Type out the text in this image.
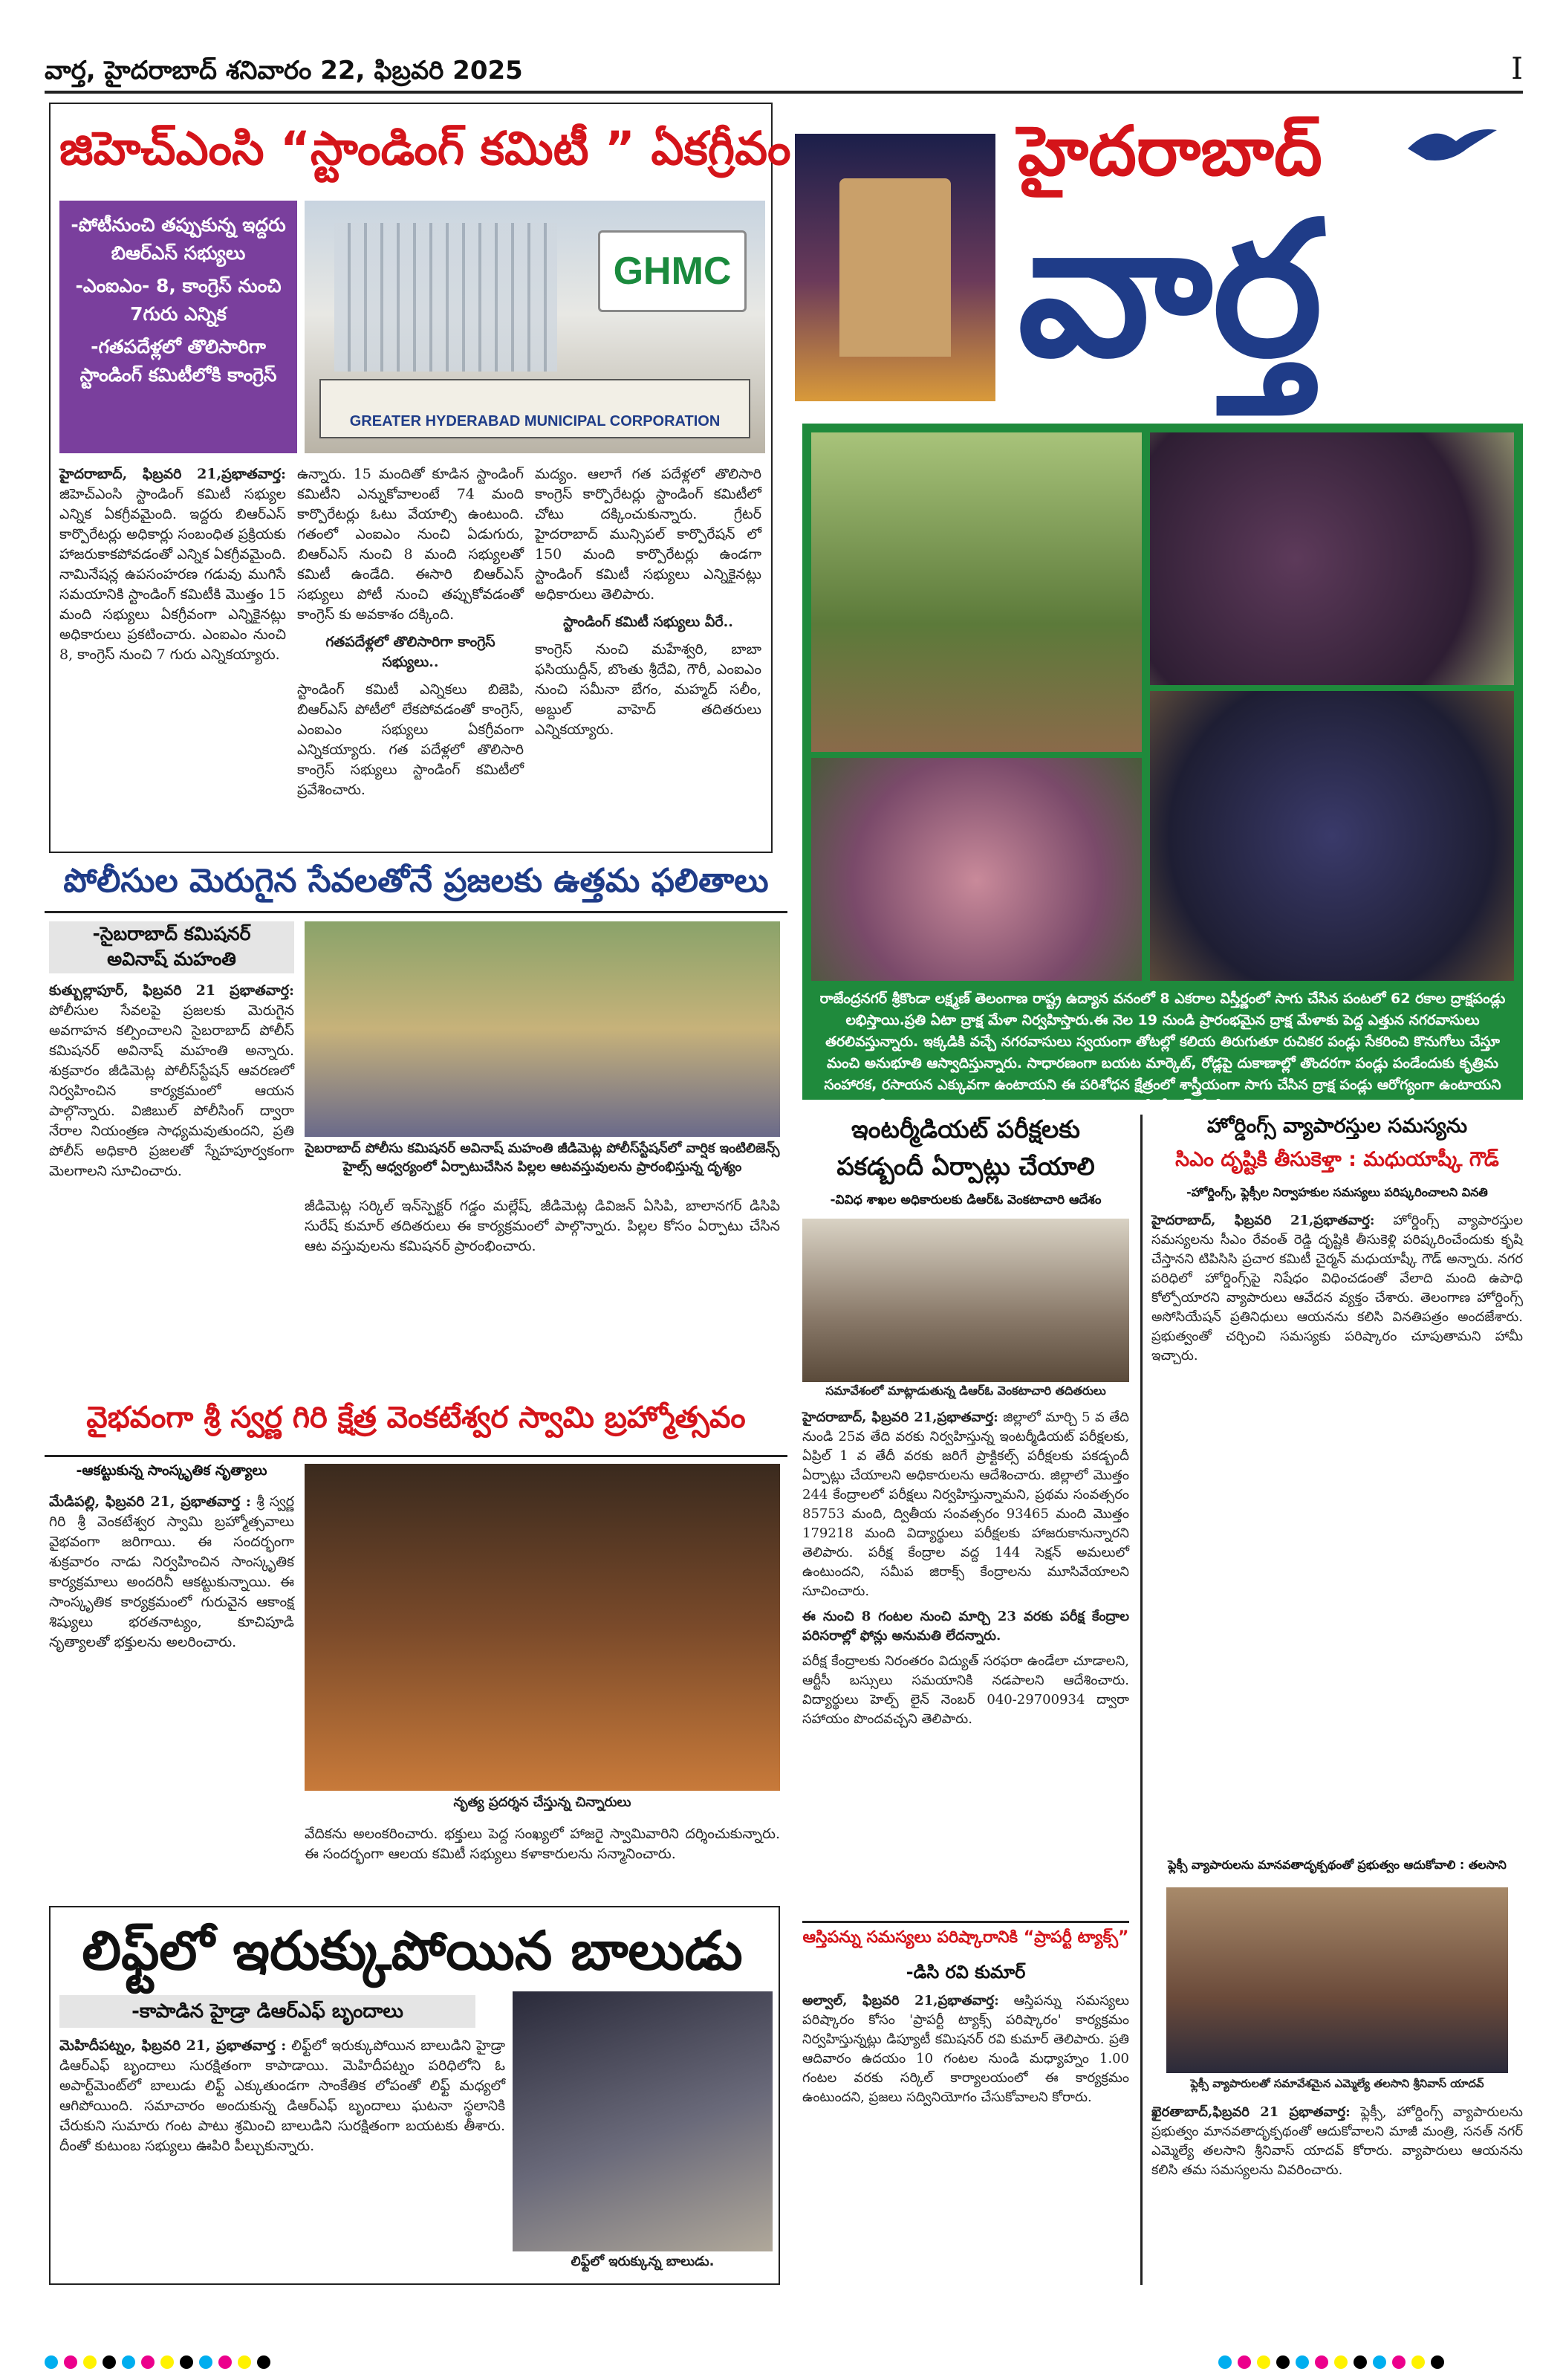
వార్త, హైదరాబాద్ శనివారం 22, ఫిబ్రవరి 2025	I
జిహెచ్‌ఎంసి “స్టాండింగ్ కమిటీ ” ఏకగ్రీవం
-పోటీనుంచి తప్పుకున్న ఇద్దరు బిఆర్ఎస్ సభ్యులు
-ఎంఐఎం- 8, కాంగ్రెస్ నుంచి 7గురు ఎన్నిక
-గతపదేళ్లలో తొలిసారిగా స్టాండింగ్ కమిటీలోకి కాంగ్రెస్
GHMC
GREATER HYDERABAD MUNICIPAL CORPORATION
హైదరాబాద్, ఫిబ్రవరి 21,ప్రభాతవార్త: జిహెచ్‌ఎంసి స్టాండింగ్ కమిటీ సభ్యుల ఎన్నిక ఏకగ్రీవమైంది. ఇద్దరు బిఆర్ఎస్ కార్పొరేటర్లు అధికార్లు సంబంధిత ప్రక్రియకు హాజరుకాకపోవడంతో ఎన్నిక ఏకగ్రీవమైంది. నామినేషన్ల ఉపసంహరణ గడువు ముగిసే సమయానికి స్టాండింగ్ కమిటీకి మొత్తం 15 మంది సభ్యులు ఏకగ్రీవంగా ఎన్నికైనట్లు అధికారులు ప్రకటించారు. ఎంఐఎం నుంచి 8, కాంగ్రెస్ నుంచి 7 గురు ఎన్నికయ్యారు.
ఉన్నారు. 15 మందితో కూడిన స్టాండింగ్ కమిటీని ఎన్నుకోవాలంటే 74 మంది కార్పొరేటర్లు ఓటు వేయాల్సి ఉంటుంది. గతంలో ఎంఐఎం నుంచి ఏడుగురు, బిఆర్ఎస్ నుంచి 8 మంది సభ్యులతో కమిటీ ఉండేది. ఈసారి బిఆర్ఎస్ సభ్యులు పోటీ నుంచి తప్పుకోవడంతో కాంగ్రెస్ కు అవకాశం దక్కింది.
గతపదేళ్లలో తొలిసారిగా కాంగ్రెస్ సభ్యులు..
స్టాండింగ్ కమిటీ ఎన్నికలు బిజెపి, బిఆర్ఎస్ పోటీలో లేకపోవడంతో కాంగ్రెస్, ఎంఐఎం సభ్యులు ఏకగ్రీవంగా ఎన్నికయ్యారు. గత పదేళ్లలో తొలిసారి కాంగ్రెస్ సభ్యులు స్టాండింగ్ కమిటీలో ప్రవేశించారు.
మద్యం. ఆలాగే గత పదేళ్లలో తొలిసారి కాంగ్రెస్ కార్పొరేటర్లు స్టాండింగ్ కమిటీలో చోటు దక్కించుకున్నారు. గ్రేటర్ హైదరాబాద్ మున్సిపల్ కార్పొరేషన్ లో 150 మంది కార్పొరేటర్లు ఉండగా స్టాండింగ్ కమిటీ సభ్యులు ఎన్నికైనట్లు అధికారులు తెలిపారు.
స్టాండింగ్ కమిటీ సభ్యులు వీరే..
కాంగ్రెస్ నుంచి మహేశ్వరి, బాబా ఫసియుద్దీన్, బొంతు శ్రీదేవి, గౌరీ, ఎంఐఎం నుంచి సమీనా బేగం, మహ్మద్ సలీం, అబ్దుల్ వాహెద్ తదితరులు ఎన్నికయ్యారు.
హైదరాబాద్
వార్త
రాజేంద్రనగర్ శ్రీకొండా లక్ష్మణ్ తెలంగాణ రాష్ట్ర ఉద్యాన వనంలో 8 ఎకరాల విస్తీర్ణంలో సాగు చేసిన పంటలో 62 రకాల ద్రాక్షపండ్లు లభిస్తాయి.ప్రతి ఏటా ద్రాక్ష మేళా నిర్వహిస్తారు.ఈ నెల 19 నుండి ప్రారంభమైన ద్రాక్ష మేళాకు పెద్ద ఎత్తున నగరవాసులు తరలివస్తున్నారు. ఇక్కడికి వచ్చే నగరవాసులు స్వయంగా తోటల్లో కలియ తిరుగుతూ రుచికర పండ్లు సేకరించి కొనుగోలు చేస్తూ మంచి అనుభూతి ఆస్వాదిస్తున్నారు. సాధారణంగా బయట మార్కెట్, రోడ్లపై దుకాణాల్లో తొందరగా పండ్లు పండేందుకు కృత్రిమ సంహారక, రసాయన ఎక్కువగా ఉంటాయని ఈ పరిశోధన క్షేత్రంలో శాస్త్రీయంగా సాగు చేసిన ద్రాక్ష పండ్లు ఆరోగ్యంగా ఉంటాయని కొనుగోలు దారులు చెప్పుతున్నారు. ఏటా పంట కాపుకొచ్చే సీజన్‌లో వేలం పాట నిర్వహించడం ఆనవాయితీగా వస్తుంది
పోలీసుల మెరుగైన సేవలతోనే ప్రజలకు ఉత్తమ ఫలితాలు
-సైబరాబాద్ కమిషనర్
అవినాష్ మహంతి
కుత్బుల్లాపూర్, ఫిబ్రవరి 21 ప్రభాతవార్త: పోలీసుల సేవలపై ప్రజలకు మెరుగైన అవగాహన కల్పించాలని సైబరాబాద్ పోలీస్ కమిషనర్ అవినాష్ మహంతి అన్నారు. శుక్రవారం జీడిమెట్ల పోలీస్‌స్టేషన్ ఆవరణలో నిర్వహించిన కార్యక్రమంలో ఆయన పాల్గొన్నారు. విజిబుల్ పోలీసింగ్ ద్వారా నేరాల నియంత్రణ సాధ్యమవుతుందని, ప్రతి పోలీస్ అధికారి ప్రజలతో స్నేహపూర్వకంగా మెలగాలని సూచించారు.
సైబరాబాద్ పోలీసు కమిషనర్ అవినాష్ మహంతి జీడిమెట్ల పోలీస్‌స్టేషన్‌లో వార్షిక ఇంటిలిజెన్స్ హైల్స్ ఆధ్వర్యంలో ఏర్పాటుచేసిన పిల్లల ఆటవస్తువులను ప్రారంభిస్తున్న దృశ్యం
జీడిమెట్ల సర్కిల్ ఇన్‌స్పెక్టర్ గడ్డం మల్లేష్, జీడిమెట్ల డివిజన్ ఏసిపి, బాలానగర్ డిసిపి సురేష్ కుమార్ తదితరులు ఈ కార్యక్రమంలో పాల్గొన్నారు. పిల్లల కోసం ఏర్పాటు చేసిన ఆట వస్తువులను కమిషనర్ ప్రారంభించారు.
వైభవంగా శ్రీ స్వర్ణ గిరి క్షేత్ర వెంకటేశ్వర స్వామి బ్రహ్మోత్సవం
-ఆకట్టుకున్న సాంస్కృతిక నృత్యాలు
మేడిపల్లి, ఫిబ్రవరి 21, ప్రభాతవార్త : శ్రీ స్వర్ణ గిరి శ్రీ వెంకటేశ్వర స్వామి బ్రహ్మోత్సవాలు వైభవంగా జరిగాయి. ఈ సందర్భంగా శుక్రవారం నాడు నిర్వహించిన సాంస్కృతిక కార్యక్రమాలు అందరినీ ఆకట్టుకున్నాయి. ఈ సాంస్కృతిక కార్యక్రమంలో గురువైన ఆకాంక్ష శిష్యులు భరతనాట్యం, కూచిపూడి నృత్యాలతో భక్తులను అలరించారు.
నృత్య ప్రదర్శన చేస్తున్న చిన్నారులు
వేదికను అలంకరించారు. భక్తులు పెద్ద సంఖ్యలో హాజరై స్వామివారిని దర్శించుకున్నారు. ఈ సందర్భంగా ఆలయ కమిటీ సభ్యులు కళాకారులను సన్మానించారు.
లిఫ్ట్‌లో ఇరుక్కుపోయిన బాలుడు
-కాపాడిన హైడ్రా డిఆర్ఎఫ్ బృందాలు
మెహిదీపట్నం, ఫిబ్రవరి 21, ప్రభాతవార్త : లిఫ్ట్‌లో ఇరుక్కుపోయిన బాలుడిని హైడ్రా డిఆర్ఎఫ్ బృందాలు సురక్షితంగా కాపాడాయి. మెహిదీపట్నం పరిధిలోని ఓ అపార్ట్‌మెంట్‌లో బాలుడు లిఫ్ట్ ఎక్కుతుండగా సాంకేతిక లోపంతో లిఫ్ట్ మధ్యలో ఆగిపోయింది. సమాచారం అందుకున్న డిఆర్ఎఫ్ బృందాలు ఘటనా స్థలానికి చేరుకుని సుమారు గంట పాటు శ్రమించి బాలుడిని సురక్షితంగా బయటకు తీశారు. దీంతో కుటుంబ సభ్యులు ఊపిరి పీల్చుకున్నారు.
లిఫ్ట్‌లో ఇరుక్కున్న బాలుడు.
ఇంటర్మీడియట్ పరీక్షలకు
పకడ్బందీ ఏర్పాట్లు చేయాలి
-వివిధ శాఖల అధికారులకు డిఆర్ఓ వెంకటాచారి ఆదేశం
సమావేశంలో మాట్లాడుతున్న డిఆర్ఓ వెంకటాచారి తదితరులు
హైదరాబాద్, ఫిబ్రవరి 21,ప్రభాతవార్త: జిల్లాలో మార్చి 5 వ తేది నుండి 25వ తేది వరకు నిర్వహిస్తున్న ఇంటర్మీడియట్ పరీక్షలకు, ఏప్రిల్ 1 వ తేదీ వరకు జరిగే ప్రాక్టికల్స్ పరీక్షలకు పకడ్బందీ ఏర్పాట్లు చేయాలని అధికారులను ఆదేశించారు. జిల్లాలో మొత్తం 244 కేంద్రాలలో పరీక్షలు నిర్వహిస్తున్నామని, ప్రథమ సంవత్సరం 85753 మంది, ద్వితీయ సంవత్సరం 93465 మంది మొత్తం 179218 మంది విద్యార్థులు పరీక్షలకు హాజరుకానున్నారని తెలిపారు. పరీక్ష కేంద్రాల వద్ద 144 సెక్షన్ అమలులో ఉంటుందని, సమీప జిరాక్స్ కేంద్రాలను మూసివేయాలని సూచించారు.
ఈ నుంచి 8 గంటల నుంచి మార్చి 23 వరకు పరీక్ష కేంద్రాల పరిసరాల్లో ఫోన్లు అనుమతి లేదన్నారు.
పరీక్ష కేంద్రాలకు నిరంతరం విద్యుత్ సరఫరా ఉండేలా చూడాలని, ఆర్టీసీ బస్సులు సమయానికి నడపాలని ఆదేశించారు. విద్యార్థులు హెల్ప్ లైన్ నెంబర్ 040-29700934 ద్వారా సహాయం పొందవచ్చని తెలిపారు.
ఆస్తిపన్ను సమస్యలు పరిష్కారానికి “ప్రాపర్టీ ట్యాక్స్”
-డిసి రవి కుమార్
అల్వాల్, ఫిబ్రవరి 21,ప్రభాతవార్త: ఆస్తిపన్ను సమస్యలు పరిష్కారం కోసం 'ప్రాపర్టీ ట్యాక్స్ పరిష్కారం' కార్యక్రమం నిర్వహిస్తున్నట్లు డిప్యూటీ కమిషనర్ రవి కుమార్ తెలిపారు. ప్రతి ఆదివారం ఉదయం 10 గంటల నుండి మధ్యాహ్నం 1.00 గంటల వరకు సర్కిల్ కార్యాలయంలో ఈ కార్యక్రమం ఉంటుందని, ప్రజలు సద్వినియోగం చేసుకోవాలని కోరారు.
హోర్డింగ్స్ వ్యాపారస్తుల సమస్యను
సిఎం దృష్టికి తీసుకెళ్తా : మధుయాష్కీ గౌడ్
-హోర్డింగ్స్, ఫ్లెక్సీల నిర్వాహకుల సమస్యలు పరిష్కరించాలని వినతి
హైదరాబాద్, ఫిబ్రవరి 21,ప్రభాతవార్త: హోర్డింగ్స్ వ్యాపారస్తుల సమస్యలను సీఎం రేవంత్ రెడ్డి దృష్టికి తీసుకెళ్లి పరిష్కరించేందుకు కృషి చేస్తానని టిపిసిసి ప్రచార కమిటీ చైర్మన్ మధుయాష్కీ గౌడ్ అన్నారు. నగర పరిధిలో హోర్డింగ్స్‌పై నిషేధం విధించడంతో వేలాది మంది ఉపాధి కోల్పోయారని వ్యాపారులు ఆవేదన వ్యక్తం చేశారు. తెలంగాణ హోర్డింగ్స్ అసోసియేషన్ ప్రతినిధులు ఆయనను కలిసి వినతిపత్రం అందజేశారు. ప్రభుత్వంతో చర్చించి సమస్యకు పరిష్కారం చూపుతామని హామీ ఇచ్చారు.
ఫ్లెక్సీ వ్యాపారులను మానవతాదృక్పథంతో ప్రభుత్వం ఆదుకోవాలి : తలసాని
ఫ్లెక్సీ వ్యాపారులతో సమావేశమైన ఎమ్మెల్యే తలసాని శ్రీనివాస్ యాదవ్
ఖైరతాబాద్,ఫిబ్రవరి 21 ప్రభాతవార్త: ఫ్లెక్సీ, హోర్డింగ్స్ వ్యాపారులను ప్రభుత్వం మానవతాదృక్పథంతో ఆదుకోవాలని మాజీ మంత్రి, సనత్ నగర్ ఎమ్మెల్యే తలసాని శ్రీనివాస్ యాదవ్ కోరారు. వ్యాపారులు ఆయనను కలిసి తమ సమస్యలను వివరించారు.
